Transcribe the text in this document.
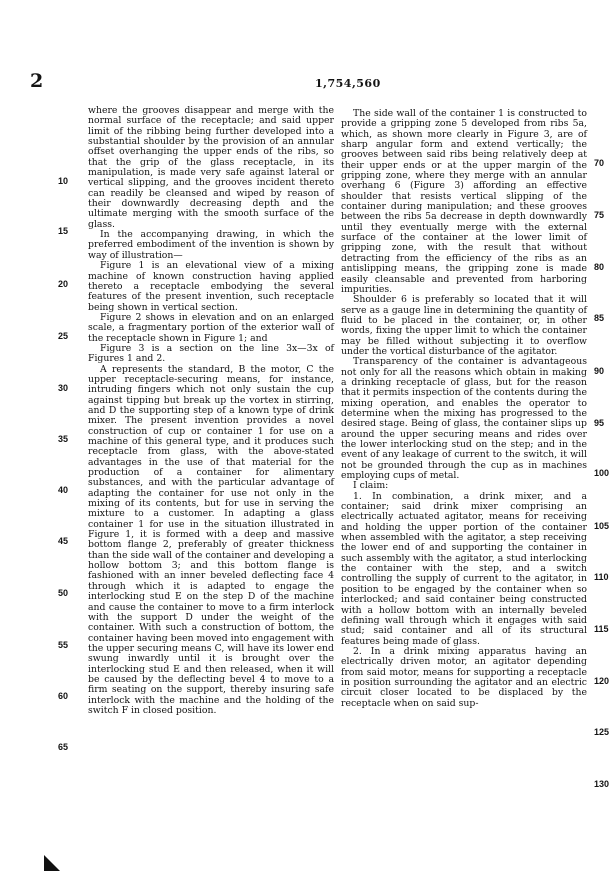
2	1,754,560

where the grooves disappear and merge with the normal surface of the receptacle; and said upper limit of the ribbing being further developed into a substantial shoulder by the provision of an annular offset overhanging the upper ends of the ribs, so that the grip of the glass receptacle, in its manipulation, is made very safe against lateral or vertical slipping, and the grooves incident thereto can readily be cleansed and wiped by reason of their downwardly decreasing depth and the ultimate merging with the smooth surface of the glass.

In the accompanying drawing, in which the preferred embodiment of the invention is shown by way of illustration—

Figure 1 is an elevational view of a mixing machine of known construction having applied thereto a receptacle embodying the several features of the present invention, such receptacle being shown in vertical section.

Figure 2 shows in elevation and on an enlarged scale, a fragmentary portion of the exterior wall of the receptacle shown in Figure 1; and

Figure 3 is a section on the line 3x—3x of Figures 1 and 2.

A represents the standard, B the motor, C the upper receptacle-securing means, for instance, intruding fingers which not only sustain the cup against tipping but break up the vortex in stirring, and D the supporting step of a known type of drink mixer. The present invention provides a novel construction of cup or container 1 for use on a machine of this general type, and it produces such receptacle from glass, with the above-stated advantages in the use of that material for the production of a container for alimentary substances, and with the particular advantage of adapting the container for use not only in the mixing of its contents, but for use in serving the mixture to a customer. In adapting a glass container 1 for use in the situation illustrated in Figure 1, it is formed with a deep and massive bottom flange 2, preferably of greater thickness than the side wall of the container and developing a hollow bottom 3; and this bottom flange is fashioned with an inner beveled deflecting face 4 through which it is adapted to engage the interlocking stud E on the step D of the machine and cause the container to move to a firm interlock with the support D under the weight of the container. With such a construction of bottom, the container having been moved into engagement with the upper securing means C, will have its lower end swung inwardly until it is brought over the interlocking stud E and then released, when it will be caused by the deflecting bevel 4 to move to a firm seating on the support, thereby insuring safe interlock with the machine and the holding of the switch F in closed position.

The side wall of the container 1 is constructed to provide a gripping zone 5 developed from ribs 5a, which, as shown more clearly in Figure 3, are of sharp angular form and extend vertically; the grooves between said ribs being relatively deep at their upper ends or at the upper margin of the gripping zone, where they merge with an annular overhang 6 (Figure 3) affording an effective shoulder that resists vertical slipping of the container during manipulation; and these grooves between the ribs 5a decrease in depth downwardly until they eventually merge with the external surface of the container at the lower limit of gripping zone, with the result that without detracting from the efficiency of the ribs as an antislipping means, the gripping zone is made easily cleansable and prevented from harboring impurities.

Shoulder 6 is preferably so located that it will serve as a gauge line in determining the quantity of fluid to be placed in the container, or, in other words, fixing the upper limit to which the container may be filled without subjecting it to overflow under the vortical disturbance of the agitator.

Transparency of the container is advantageous not only for all the reasons which obtain in making a drinking receptacle of glass, but for the reason that it permits inspection of the contents during the mixing operation, and enables the operator to determine when the mixing has progressed to the desired stage. Being of glass, the container slips up around the upper securing means and rides over the lower interlocking stud on the step; and in the event of any leakage of current to the switch, it will not be grounded through the cup as in machines employing cups of metal.

I claim:

1. In combination, a drink mixer, and a container; said drink mixer comprising an electrically actuated agitator, means for receiving and holding the upper portion of the container when assembled with the agitator, a step receiving the lower end of and supporting the container in such assembly with the agitator, a stud interlocking the container with the step, and a switch controlling the supply of current to the agitator, in position to be engaged by the container when so interlocked; and said container being constructed with a hollow bottom with an internally beveled defining wall through which it engages with said stud; said container and all of its structural features being made of glass.

2. In a drink mixing apparatus having an electrically driven motor, an agitator depending from said motor, means for supporting a receptacle in position surrounding the agitator and an electric circuit closer located to be displaced by the receptacle when on said sup-

10
15
20
25
30
35
40
45
50
55
60
65
70
75
80
85
90
95
100
105
110
115
120
125
130
